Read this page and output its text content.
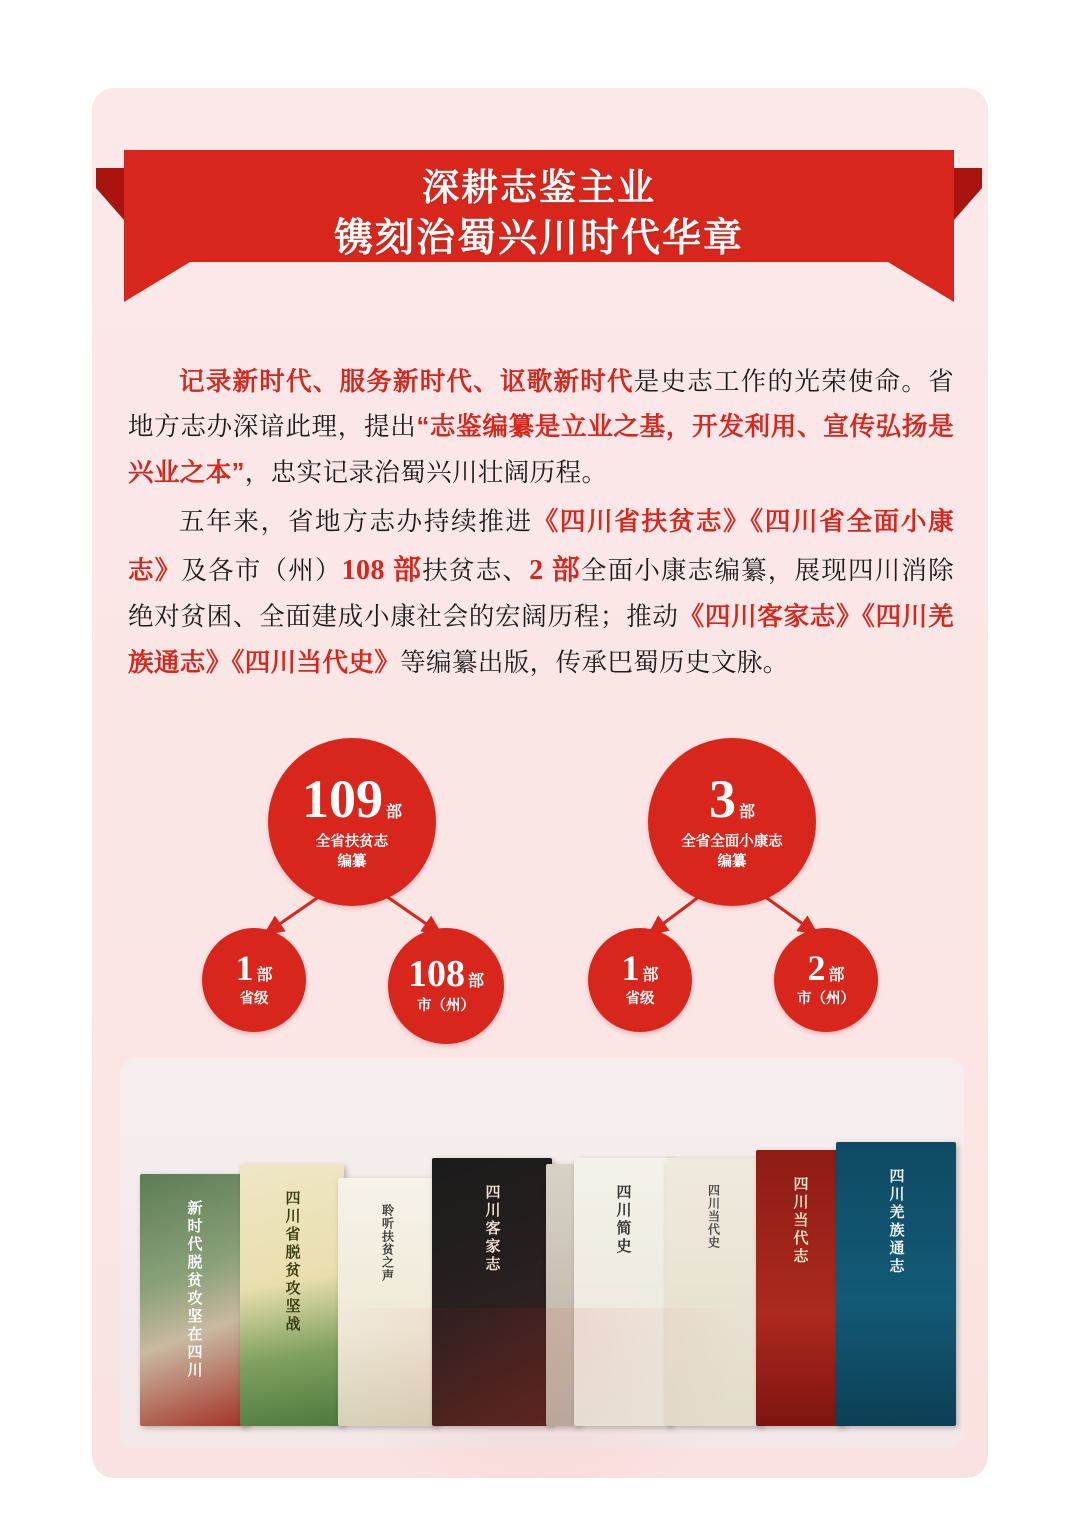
深耕志鉴主业
镌刻治蜀兴川时代华章

记录新时代、服务新时代、讴歌新时代是史志工作的光荣使命。省地方志办深谙此理，提出“志鉴编纂是立业之基，开发利用、宣传弘扬是兴业之本”，忠实记录治蜀兴川壮阔历程。

五年来，省地方志办持续推进《四川省扶贫志》《四川省全面小康志》及各市（州）108 部扶贫志、2 部全面小康志编纂，展现四川消除绝对贫困、全面建成小康社会的宏阔历程；推动《四川客家志》《四川羌族通志》《四川当代史》等编纂出版，传承巴蜀历史文脉。

109 部
全省扶贫志
编纂
1 部
省级
108 部
市（州）
3 部
全省全面小康志
编纂
1 部
省级
2 部
市（州）
新时代脱贫攻坚在四川	四川省脱贫攻坚战	聆听扶贫之声	四川客家志	四川简史	四川当代史	四川当代志	四川羌族通志
